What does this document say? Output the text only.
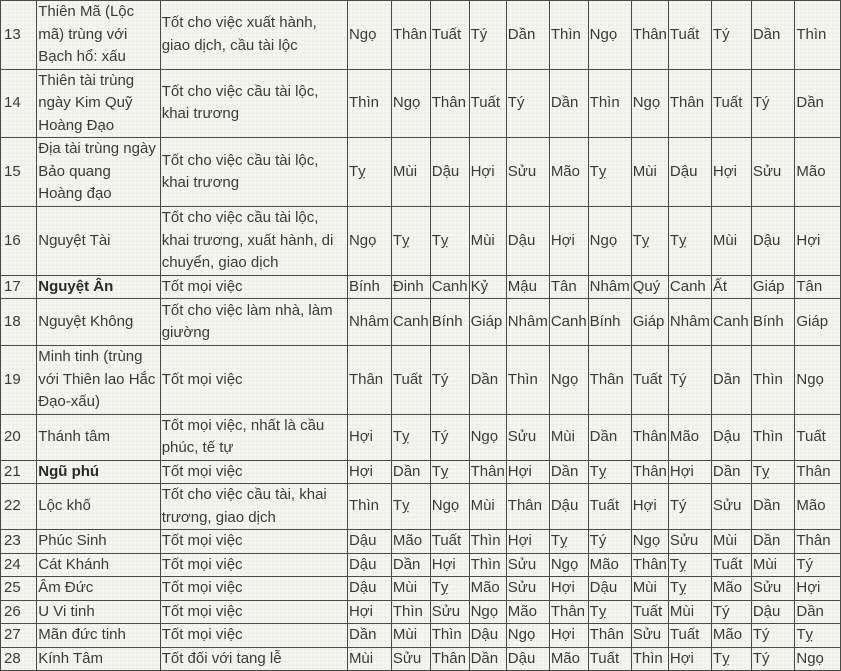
13	Thiên Mã (Lộc mã) trùng với Bạch hổ: xấu	Tốt cho việc xuất hành, giao dịch, cầu tài lộc	Ngọ	Thân	Tuất	Tý	Dần	Thìn	Ngọ	Thân	Tuất	Tý	Dần	Thìn
14	Thiên tài trùng ngày Kim Quỹ Hoàng Đạo	Tốt cho việc cầu tài lộc, khai trương	Thìn	Ngọ	Thân	Tuất	Tý	Dần	Thìn	Ngọ	Thân	Tuất	Tý	Dần
15	Địa tài trùng ngày Bảo quang Hoàng đạo	Tốt cho việc cầu tài lộc, khai trương	Tỵ	Mùi	Dậu	Hợi	Sửu	Mão	Tỵ	Mùi	Dậu	Hợi	Sửu	Mão
16	Nguyệt Tài	Tốt cho việc cầu tài lộc, khai trương, xuất hành, di chuyển, giao dịch	Ngọ	Tỵ	Tỵ	Mùi	Dậu	Hợi	Ngọ	Tỵ	Tỵ	Mùi	Dậu	Hợi
17	Nguyệt Ân	Tốt mọi việc	Bính	Đinh	Canh	Kỷ	Mậu	Tân	Nhâm	Quý	Canh	Ất	Giáp	Tân
18	Nguyệt Không	Tốt cho việc làm nhà, làm giường	Nhâm	Canh	Bính	Giáp	Nhâm	Canh	Bính	Giáp	Nhâm	Canh	Bính	Giáp
19	Minh tinh (trùng với Thiên lao Hắc Đạo-xấu)	Tốt mọi việc	Thân	Tuất	Tý	Dần	Thìn	Ngọ	Thân	Tuất	Tý	Dần	Thìn	Ngọ
20	Thánh tâm	Tốt mọi việc, nhất là cầu phúc, tế tự	Hợi	Tỵ	Tý	Ngọ	Sửu	Mùi	Dần	Thân	Mão	Dậu	Thìn	Tuất
21	Ngũ phú	Tốt mọi việc	Hợi	Dần	Tỵ	Thân	Hợi	Dần	Tỵ	Thân	Hợi	Dần	Tỵ	Thân
22	Lộc khố	Tốt cho việc cầu tài, khai trương, giao dịch	Thìn	Tỵ	Ngọ	Mùi	Thân	Dậu	Tuất	Hợi	Tý	Sửu	Dần	Mão
23	Phúc Sinh	Tốt mọi việc	Dậu	Mão	Tuất	Thìn	Hợi	Tỵ	Tý	Ngọ	Sửu	Mùi	Dần	Thân
24	Cát Khánh	Tốt mọi việc	Dậu	Dần	Hợi	Thìn	Sửu	Ngọ	Mão	Thân	Tỵ	Tuất	Mùi	Tý
25	Âm Đức	Tốt mọi việc	Dậu	Mùi	Tỵ	Mão	Sửu	Hợi	Dậu	Mùi	Tỵ	Mão	Sửu	Hợi
26	U Vi tinh	Tốt mọi việc	Hợi	Thìn	Sửu	Ngọ	Mão	Thân	Tỵ	Tuất	Mùi	Tý	Dậu	Dần
27	Mãn đức tinh	Tốt mọi việc	Dần	Mùi	Thìn	Dậu	Ngọ	Hợi	Thân	Sửu	Tuất	Mão	Tý	Tỵ
28	Kính Tâm	Tốt đối với tang lễ	Mùi	Sửu	Thân	Dần	Dậu	Mão	Tuất	Thìn	Hợi	Tỵ	Tý	Ngọ
